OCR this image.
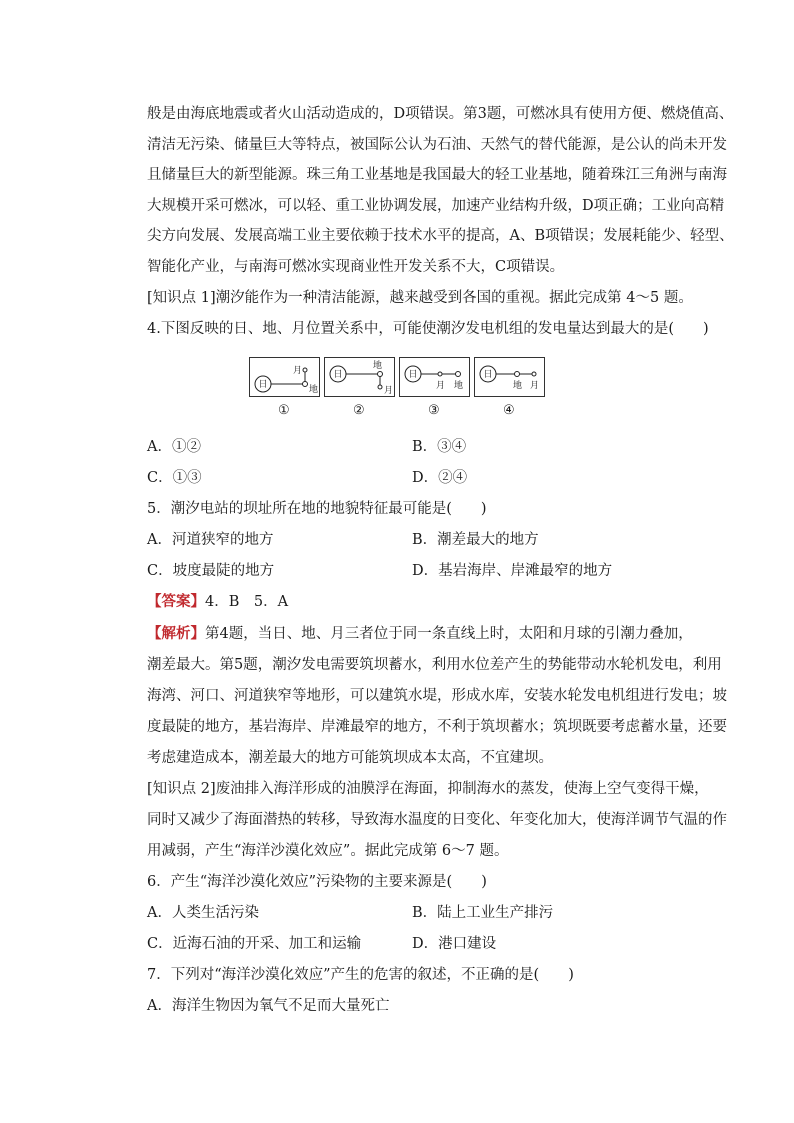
般是由海底地震或者火山活动造成的，D项错误。第3题，可燃冰具有使用方便、燃烧值高、
清洁无污染、储量巨大等特点，被国际公认为石油、天然气的替代能源，是公认的尚未开发
且储量巨大的新型能源。珠三角工业基地是我国最大的轻工业基地，随着珠江三角洲与南海
大规模开采可燃冰，可以轻、重工业协调发展，加速产业结构升级，D项正确；工业向高精
尖方向发展、发展高端工业主要依赖于技术水平的提高，A、B项错误；发展耗能少、轻型、
智能化产业，与南海可燃冰实现商业性开发关系不大，C项错误。
[知识点 1]潮汐能作为一种清洁能源，越来越受到各国的重视。据此完成第 4～5 题。
4.下图反映的日、地、月位置关系中，可能使潮汐发电机组的发电量达到最大的是(　　)
日
月
地
日
地
月
日
月 地
日
地 月
①	②	③	④
A．①②	B．③④
C．①③	D．②④
5．潮汐电站的坝址所在地的地貌特征最可能是(　　)
A．河道狭窄的地方	B．潮差最大的地方
C．坡度最陡的地方	D．基岩海岸、岸滩最窄的地方
【答案】4．B　5．A
【解析】第4题，当日、地、月三者位于同一条直线上时，太阳和月球的引潮力叠加，
潮差最大。第5题，潮汐发电需要筑坝蓄水，利用水位差产生的势能带动水轮机发电，利用
海湾、河口、河道狭窄等地形，可以建筑水堤，形成水库，安装水轮发电机组进行发电；坡
度最陡的地方，基岩海岸、岸滩最窄的地方，不利于筑坝蓄水；筑坝既要考虑蓄水量，还要
考虑建造成本，潮差最大的地方可能筑坝成本太高，不宜建坝。
[知识点 2]废油排入海洋形成的油膜浮在海面，抑制海水的蒸发，使海上空气变得干燥，
同时又减少了海面潜热的转移，导致海水温度的日变化、年变化加大，使海洋调节气温的作
用减弱，产生“海洋沙漠化效应”。据此完成第 6～7 题。
6．产生“海洋沙漠化效应”污染物的主要来源是(　　)
A．人类生活污染	B．陆上工业生产排污
C．近海石油的开采、加工和运输	D．港口建设
7．下列对“海洋沙漠化效应”产生的危害的叙述，不正确的是(　　)
A．海洋生物因为氧气不足而大量死亡
